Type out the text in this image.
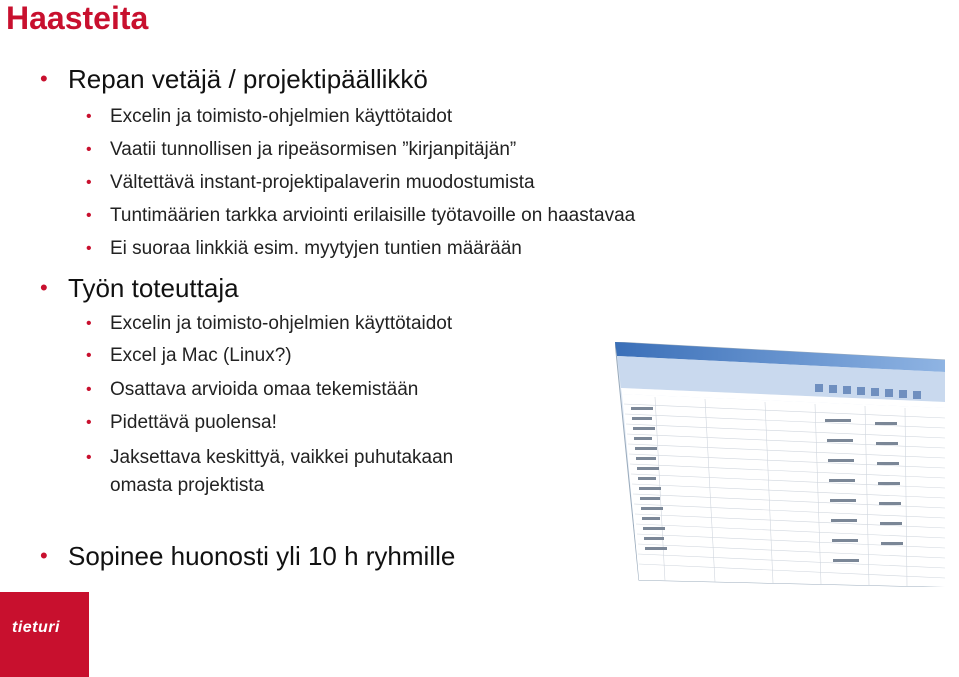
Haasteita
• Repan vetäjä / projektipäällikkö
• Excelin ja toimisto-ohjelmien käyttötaidot
• Vaatii tunnollisen ja ripeäsormisen ”kirjanpitäjän”
• Vältettävä instant-projektipalaverin muodostumista
• Tuntimäärien tarkka arviointi erilaisille työtavoille on haastavaa
• Ei suoraa linkkiä esim. myytyjen tuntien määrään
• Työn toteuttaja
• Excelin ja toimisto-ohjelmien käyttötaidot
• Excel ja Mac (Linux?)
• Osattava arvioida omaa tekemistään
• Pidettävä puolensa!
• Jaksettava keskittyä, vaikkei puhutakaan
omasta projektista
• Sopinee huonosti yli 10 h ryhmille
tieturi
